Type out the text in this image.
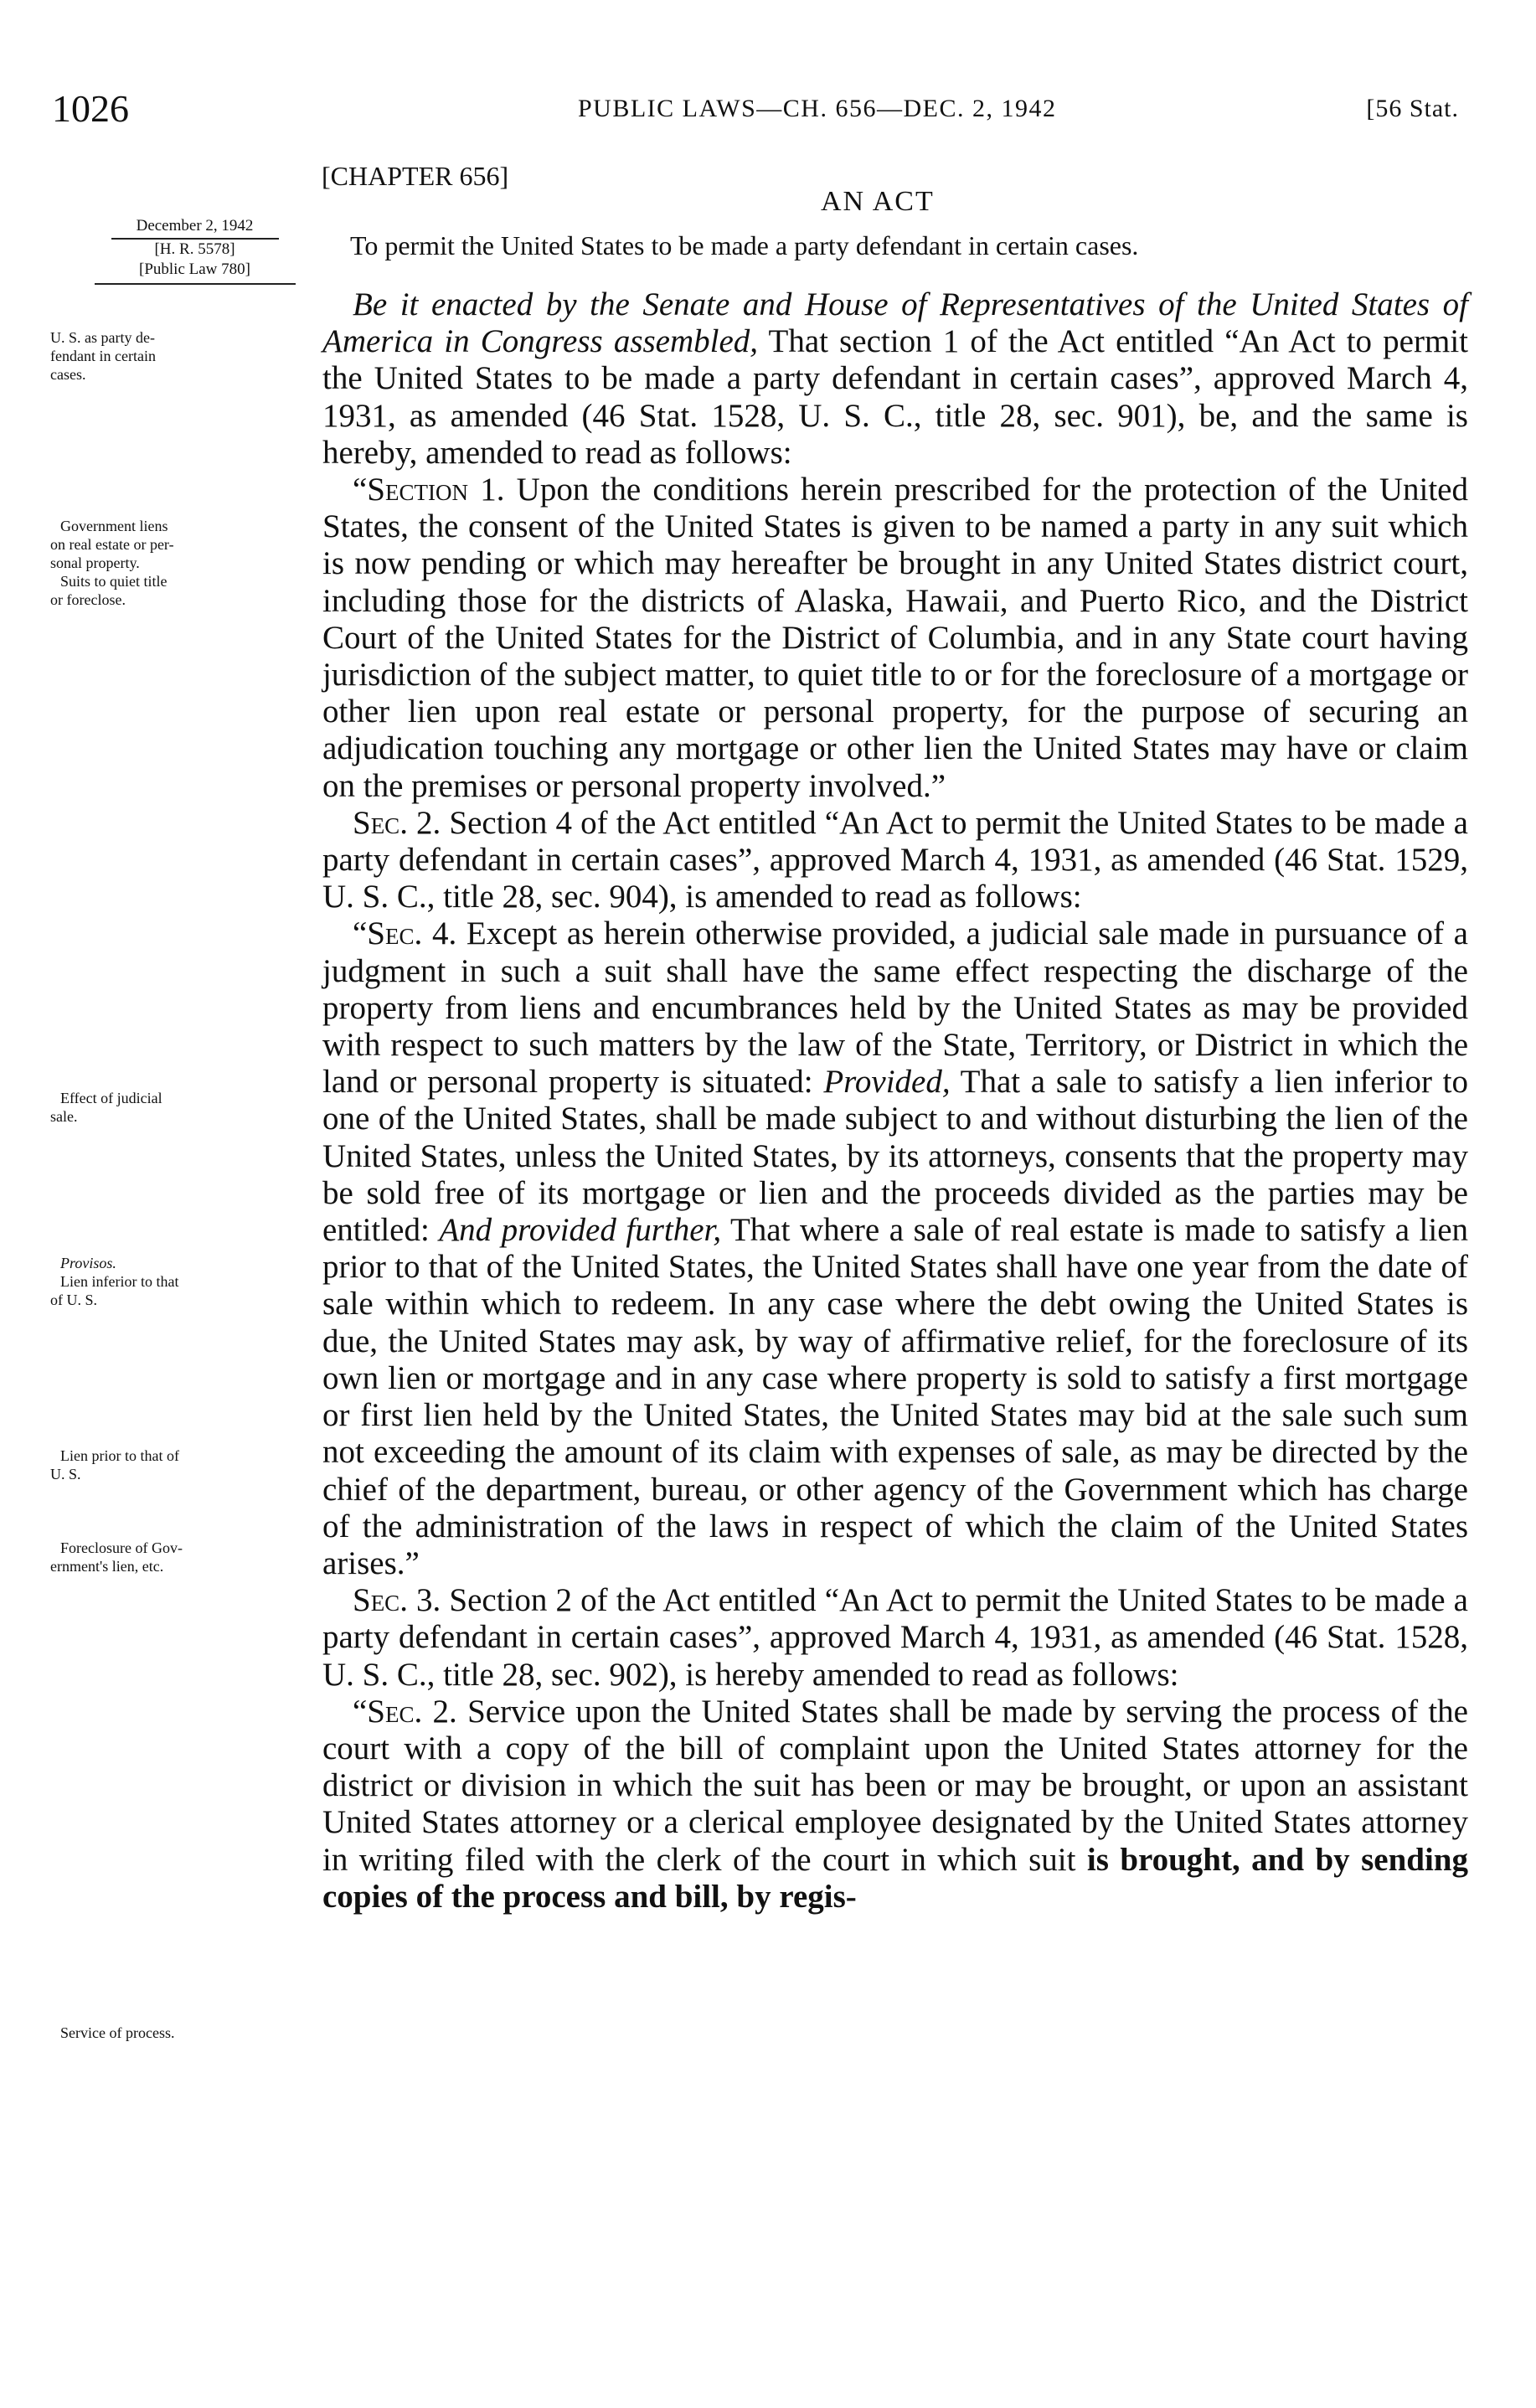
1026	PUBLIC LAWS—CH. 656—DEC. 2, 1942	[56 Stat.
[CHAPTER 656]
AN ACT
To permit the United States to be made a party defendant in certain cases.
December 2, 1942
[H. R. 5578]
[Public Law 780]
U. S. as party de-
fendant in certain
cases.
Government liens
on real estate or per-
sonal property.
Suits to quiet title
or foreclose.
Effect of judicial
sale.
Provisos.
Lien inferior to that
of U. S.
Lien prior to that of
U. S.
Foreclosure of Gov-
ernment's lien, etc.
Service of process.

Be it enacted by the Senate and House of Representatives of the United States of America in Congress assembled, That section 1 of the Act entitled “An Act to permit the United States to be made a party defendant in certain cases”, approved March 4, 1931, as amended (46 Stat. 1528, U. S. C., title 28, sec. 901), be, and the same is hereby, amended to read as follows:

“Section 1. Upon the conditions herein prescribed for the protection of the United States, the consent of the United States is given to be named a party in any suit which is now pending or which may hereafter be brought in any United States district court, including those for the districts of Alaska, Hawaii, and Puerto Rico, and the District Court of the United States for the District of Columbia, and in any State court having jurisdiction of the subject matter, to quiet title to or for the foreclosure of a mortgage or other lien upon real estate or personal property, for the purpose of securing an adjudication touching any mortgage or other lien the United States may have or claim on the premises or personal property involved.”

Sec. 2. Section 4 of the Act entitled “An Act to permit the United States to be made a party defendant in certain cases”, approved March 4, 1931, as amended (46 Stat. 1529, U. S. C., title 28, sec. 904), is amended to read as follows:

“Sec. 4. Except as herein otherwise provided, a judicial sale made in pursuance of a judgment in such a suit shall have the same effect respecting the discharge of the property from liens and encumbrances held by the United States as may be provided with respect to such matters by the law of the State, Territory, or District in which the land or personal property is situated: Provided, That a sale to satisfy a lien inferior to one of the United States, shall be made subject to and without disturbing the lien of the United States, unless the United States, by its attorneys, consents that the property may be sold free of its mortgage or lien and the proceeds divided as the parties may be entitled: And provided further, That where a sale of real estate is made to satisfy a lien prior to that of the United States, the United States shall have one year from the date of sale within which to redeem. In any case where the debt owing the United States is due, the United States may ask, by way of affirmative relief, for the foreclosure of its own lien or mortgage and in any case where property is sold to satisfy a first mortgage or first lien held by the United States, the United States may bid at the sale such sum not exceeding the amount of its claim with expenses of sale, as may be directed by the chief of the department, bureau, or other agency of the Government which has charge of the administration of the laws in respect of which the claim of the United States arises.”

Sec. 3. Section 2 of the Act entitled “An Act to permit the United States to be made a party defendant in certain cases”, approved March 4, 1931, as amended (46 Stat. 1528, U. S. C., title 28, sec. 902), is hereby amended to read as follows:

“Sec. 2. Service upon the United States shall be made by serving the process of the court with a copy of the bill of complaint upon the United States attorney for the district or division in which the suit has been or may be brought, or upon an assistant United States attorney or a clerical employee designated by the United States attorney in writing filed with the clerk of the court in which suit is brought, and by sending copies of the process and bill, by regis-
